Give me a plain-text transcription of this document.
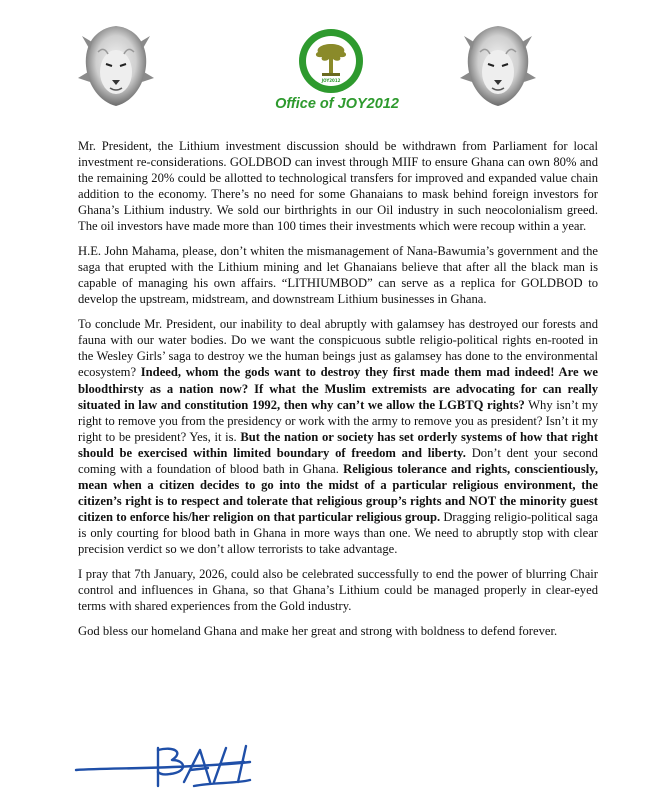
JOY2012
Office of JOY2012

Mr. President, the Lithium investment discussion should be withdrawn from Parliament for local investment re-considerations. GOLDBOD can invest through MIIF to ensure Ghana can own 80% and the remaining 20% could be allotted to technological transfers for improved and expanded value chain addition to the economy. There’s no need for some Ghanaians to mask behind foreign investors for Ghana’s Lithium industry. We sold our birthrights in our Oil industry in such neocolonialism greed. The oil investors have made more than 100 times their investments which were recoup within a year.

H.E. John Mahama, please, don’t whiten the mismanagement of Nana-Bawumia’s government and the saga that erupted with the Lithium mining and let Ghanaians believe that after all the black man is capable of managing his own affairs. “LITHIUMBOD” can serve as a replica for GOLDBOD to develop the upstream, midstream, and downstream Lithium businesses in Ghana.

To conclude Mr. President, our inability to deal abruptly with galamsey has destroyed our forests and fauna with our water bodies. Do we want the conspicuous subtle religio-political rights en-rooted in the Wesley Girls’ saga to destroy we the human beings just as galamsey has done to the environmental ecosystem? Indeed, whom the gods want to destroy they first made them mad indeed! Are we bloodthirsty as a nation now? If what the Muslim extremists are advocating for can really situated in law and constitution 1992, then why can’t we allow the LGBTQ rights? Why isn’t my right to remove you from the presidency or work with the army to remove you as president? Isn’t it my right to be president? Yes, it is. But the nation or society has set orderly systems of how that right should be exercised within limited boundary of freedom and liberty. Don’t dent your second coming with a foundation of blood bath in Ghana. Religious tolerance and rights, conscientiously, mean when a citizen decides to go into the midst of a particular religious environment, the citizen’s right is to respect and tolerate that religious group’s rights and NOT the minority guest citizen to enforce his/her religion on that particular religious group. Dragging religio-political saga is only courting for blood bath in Ghana in more ways than one. We need to abruptly stop with clear precision verdict so we don’t allow terrorists to take advantage.

I pray that 7th January, 2026, could also be celebrated successfully to end the power of blurring Chair control and influences in Ghana, so that Ghana’s Lithium could be managed properly in clear-eyed terms with shared experiences from the Gold industry.

God bless our homeland Ghana and make her great and strong with boldness to defend forever.
